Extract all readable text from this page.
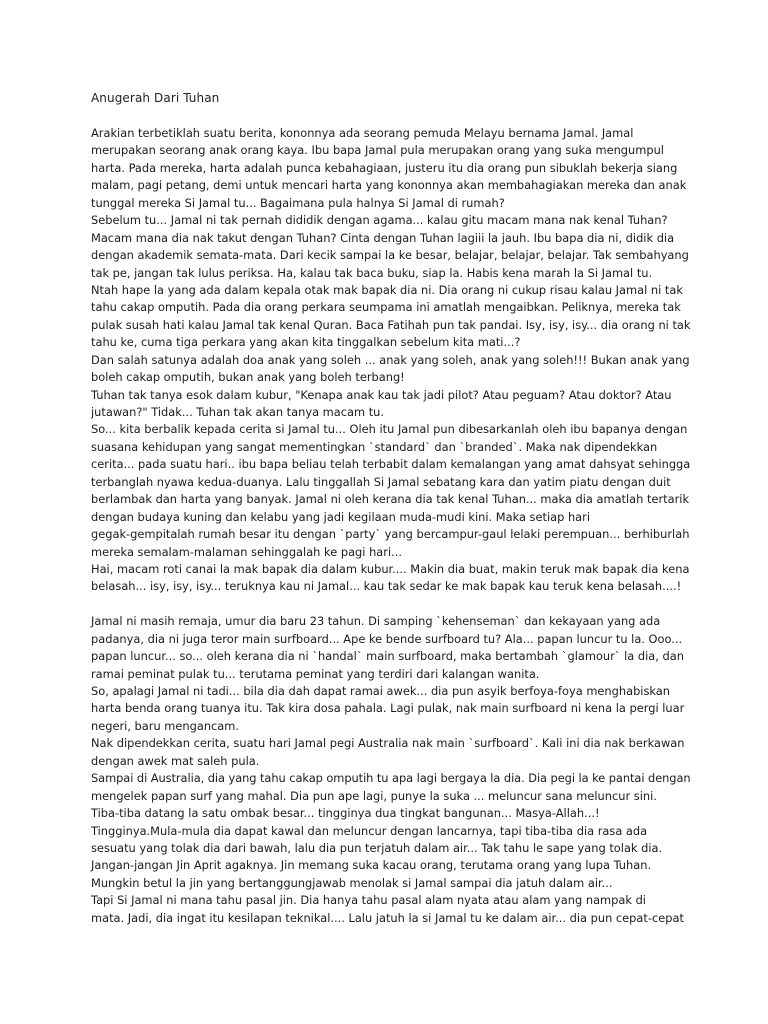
Anugerah Dari Tuhan
Arakian terbetiklah suatu berita, kononnya ada seorang pemuda Melayu bernama Jamal. Jamal
merupakan seorang anak orang kaya. Ibu bapa Jamal pula merupakan orang yang suka mengumpul
harta. Pada mereka, harta adalah punca kebahagiaan, justeru itu dia orang pun sibuklah bekerja siang
malam, pagi petang, demi untuk mencari harta yang kononnya akan membahagiakan mereka dan anak
tunggal mereka Si Jamal tu... Bagaimana pula halnya Si Jamal di rumah?
Sebelum tu... Jamal ni tak pernah dididik dengan agama... kalau gitu macam mana nak kenal Tuhan?
Macam mana dia nak takut dengan Tuhan? Cinta dengan Tuhan lagiii la jauh. Ibu bapa dia ni, didik dia
dengan akademik semata-mata. Dari kecik sampai la ke besar, belajar, belajar, belajar. Tak sembahyang
tak pe, jangan tak lulus periksa. Ha, kalau tak baca buku, siap la. Habis kena marah la Si Jamal tu.
Ntah hape la yang ada dalam kepala otak mak bapak dia ni. Dia orang ni cukup risau kalau Jamal ni tak
tahu cakap omputih. Pada dia orang perkara seumpama ini amatlah mengaibkan. Peliknya, mereka tak
pulak susah hati kalau Jamal tak kenal Quran. Baca Fatihah pun tak pandai. Isy, isy, isy... dia orang ni tak
tahu ke, cuma tiga perkara yang akan kita tinggalkan sebelum kita mati...?
Dan salah satunya adalah doa anak yang soleh ... anak yang soleh, anak yang soleh!!! Bukan anak yang
boleh cakap omputih, bukan anak yang boleh terbang!
Tuhan tak tanya esok dalam kubur, "Kenapa anak kau tak jadi pilot? Atau peguam? Atau doktor? Atau
jutawan?" Tidak... Tuhan tak akan tanya macam tu.
So... kita berbalik kepada cerita si Jamal tu... Oleh itu Jamal pun dibesarkanlah oleh ibu bapanya dengan
suasana kehidupan yang sangat mementingkan `standard` dan `branded`. Maka nak dipendekkan
cerita... pada suatu hari.. ibu bapa beliau telah terbabit dalam kemalangan yang amat dahsyat sehingga
terbanglah nyawa kedua-duanya. Lalu tinggallah Si Jamal sebatang kara dan yatim piatu dengan duit
berlambak dan harta yang banyak. Jamal ni oleh kerana dia tak kenal Tuhan... maka dia amatlah tertarik
dengan budaya kuning dan kelabu yang jadi kegilaan muda-mudi kini. Maka setiap hari
gegak-gempitalah rumah besar itu dengan `party` yang bercampur-gaul lelaki perempuan... berhiburlah
mereka semalam-malaman sehinggalah ke pagi hari...
Hai, macam roti canai la mak bapak dia dalam kubur.... Makin dia buat, makin teruk mak bapak dia kena
belasah... isy, isy, isy... teruknya kau ni Jamal... kau tak sedar ke mak bapak kau teruk kena belasah....!
Jamal ni masih remaja, umur dia baru 23 tahun. Di samping `kehenseman` dan kekayaan yang ada
padanya, dia ni juga teror main surfboard... Ape ke bende surfboard tu? Ala... papan luncur tu la. Ooo...
papan luncur... so... oleh kerana dia ni `handal` main surfboard, maka bertambah `glamour` la dia, dan
ramai peminat pulak tu... terutama peminat yang terdiri dari kalangan wanita.
So, apalagi Jamal ni tadi... bila dia dah dapat ramai awek... dia pun asyik berfoya-foya menghabiskan
harta benda orang tuanya itu. Tak kira dosa pahala. Lagi pulak, nak main surfboard ni kena la pergi luar
negeri, baru mengancam.
Nak dipendekkan cerita, suatu hari Jamal pegi Australia nak main `surfboard`. Kali ini dia nak berkawan
dengan awek mat saleh pula.
Sampai di Australia, dia yang tahu cakap omputih tu apa lagi bergaya la dia. Dia pegi la ke pantai dengan
mengelek papan surf yang mahal. Dia pun ape lagi, punye la suka ... meluncur sana meluncur sini.
Tiba-tiba datang la satu ombak besar... tingginya dua tingkat bangunan... Masya-Allah...!
Tingginya.Mula-mula dia dapat kawal dan meluncur dengan lancarnya, tapi tiba-tiba dia rasa ada
sesuatu yang tolak dia dari bawah, lalu dia pun terjatuh dalam air... Tak tahu le sape yang tolak dia.
Jangan-jangan Jin Aprit agaknya. Jin memang suka kacau orang, terutama orang yang lupa Tuhan.
Mungkin betul la jin yang bertanggungjawab menolak si Jamal sampai dia jatuh dalam air...
Tapi Si Jamal ni mana tahu pasal jin. Dia hanya tahu pasal alam nyata atau alam yang nampak di
mata. Jadi, dia ingat itu kesilapan teknikal.... Lalu jatuh la si Jamal tu ke dalam air... dia pun cepat-cepat
